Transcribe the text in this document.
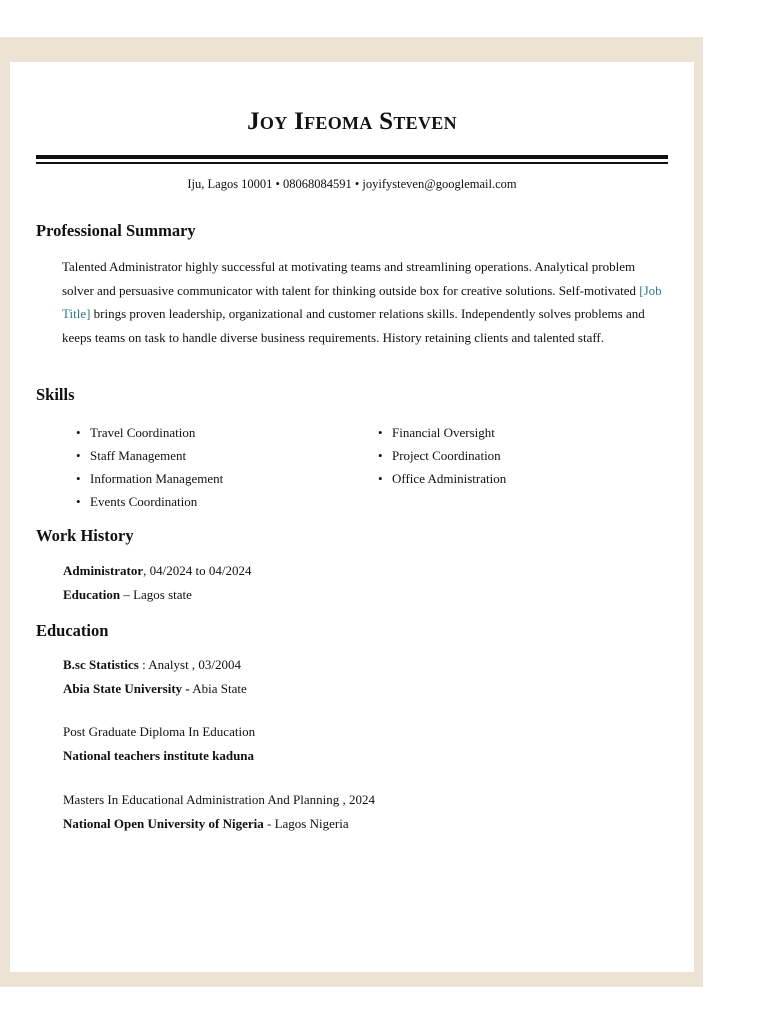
Joy Ifeoma Steven
Iju, Lagos 10001 • 08068084591 • joyifysteven@googlemail.com
Professional Summary
Talented Administrator highly successful at motivating teams and streamlining operations. Analytical problem solver and persuasive communicator with talent for thinking outside box for creative solutions. Self-motivated [Job Title] brings proven leadership, organizational and customer relations skills. Independently solves problems and keeps teams on task to handle diverse business requirements. History retaining clients and talented staff.
Skills
• Travel Coordination
• Staff Management
• Information Management
• Events Coordination
• Financial Oversight
• Project Coordination
• Office Administration
Work History
Administrator, 04/2024 to 04/2024
Education – Lagos state
Education
B.sc Statistics : Analyst , 03/2004
Abia State University - Abia State
Post Graduate Diploma In Education
National teachers institute kaduna
Masters In Educational Administration And Planning , 2024
National Open University of Nigeria - Lagos Nigeria
